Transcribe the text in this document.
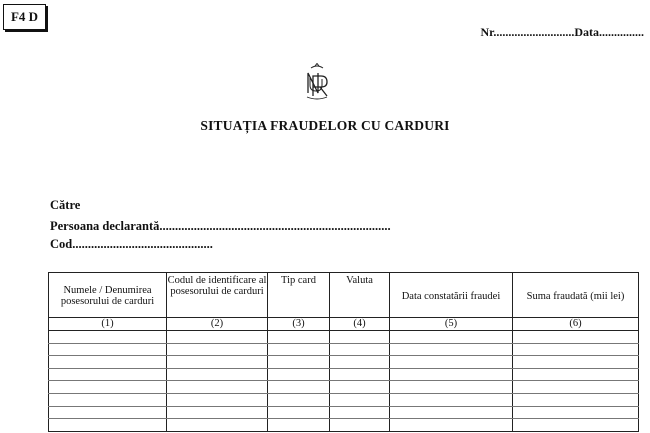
F4 D
Nr...........................Data...............
SITUAȚIA FRAUDELOR CU CARDURI
Către
Persoana declarantă..........................................................................
Cod.............................................
Numele / Denumirea posesorului de carduri	Codul de identificare al posesorului de carduri	Tip card	Valuta	Data constatării fraudei	Suma fraudată (mii lei)
(1)	(2)	(3)	(4)	(5)	(6)
